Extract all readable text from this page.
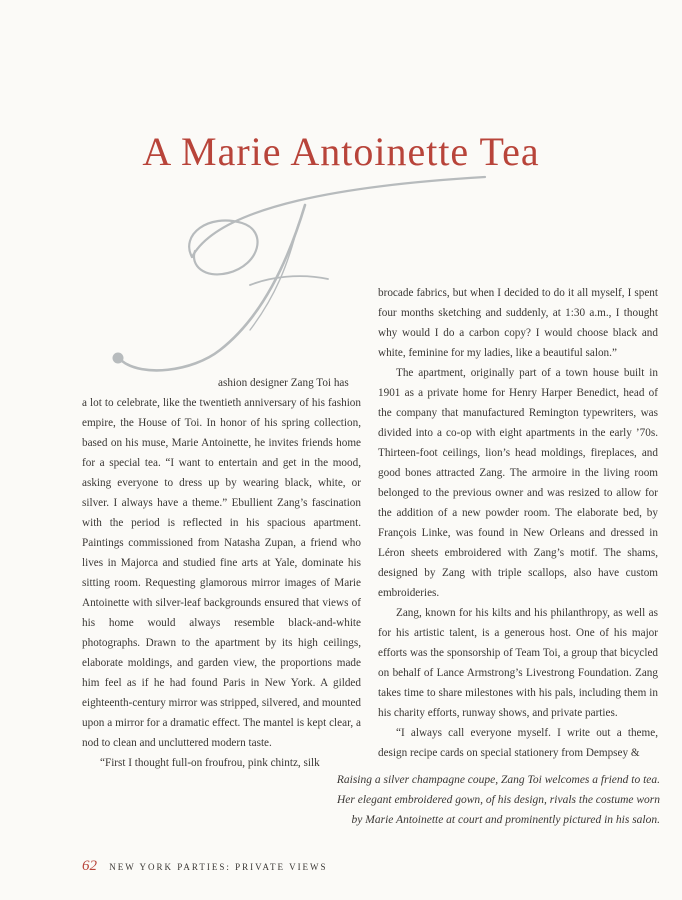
A Marie Antoinette Tea

ashion designer Zang Toi has
a lot to celebrate, like the twentieth anniversary of his fashion empire, the House of Toi. In honor of his spring collection, based on his muse, Marie Antoinette, he invites friends home for a special tea. “I want to entertain and get in the mood, asking everyone to dress up by wearing black, white, or silver. I always have a theme.” Ebullient Zang’s fascination with the period is reflected in his spacious apartment. Paintings commissioned from Natasha Zupan, a friend who lives in Majorca and studied fine arts at Yale, dominate his sitting room. Requesting glamorous mirror images of Marie Antoinette with silver-leaf backgrounds ensured that views of his home would always resemble black-and-white photographs. Drawn to the apartment by its high ceilings, elaborate moldings, and garden view, the proportions made him feel as if he had found Paris in New York. A gilded eighteenth-century mirror was stripped, silvered, and mounted upon a mirror for a dramatic effect. The mantel is kept clear, a nod to clean and uncluttered modern taste.

“First I thought full-on froufrou, pink chintz, silk

brocade fabrics, but when I decided to do it all myself, I spent four months sketching and suddenly, at 1:30 a.m., I thought why would I do a carbon copy? I would choose black and white, feminine for my ladies, like a beautiful salon.”

The apartment, originally part of a town house built in 1901 as a private home for Henry Harper Benedict, head of the company that manufactured Remington typewriters, was divided into a co-op with eight apartments in the early ’70s. Thirteen-foot ceilings, lion’s head moldings, fireplaces, and good bones attracted Zang. The armoire in the living room belonged to the previous owner and was resized to allow for the addition of a new powder room. The elaborate bed, by François Linke, was found in New Orleans and dressed in Léron sheets embroidered with Zang’s motif. The shams, designed by Zang with triple scallops, also have custom embroideries.

Zang, known for his kilts and his philanthropy, as well as for his artistic talent, is a generous host. One of his major efforts was the sponsorship of Team Toi, a group that bicycled on behalf of Lance Armstrong’s Livestrong Foundation. Zang takes time to share milestones with his pals, including them in his charity efforts, runway shows, and private parties.

“I always call everyone myself. I write out a theme, design recipe cards on special stationery from Dempsey &

Raising a silver champagne coupe, Zang Toi welcomes a friend to tea.
Her elegant embroidered gown, of his design, rivals the costume worn
by Marie Antoinette at court and prominently pictured in his salon.
62 NEW YORK PARTIES: PRIVATE VIEWS
